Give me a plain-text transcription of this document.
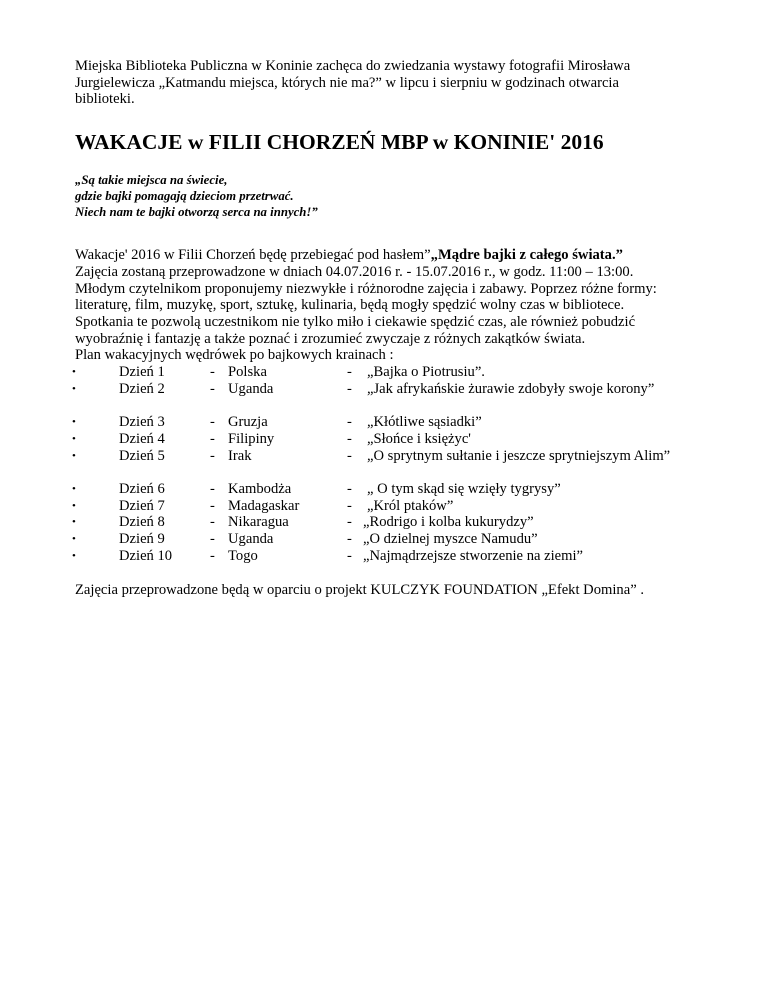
Miejska Biblioteka Publiczna w Koninie zachęca do zwiedzania wystawy fotografii Mirosława
Jurgielewicza „Katmandu miejsca, których nie ma?” w lipcu i sierpniu w godzinach otwarcia
biblioteki.
WAKACJE w FILII CHORZEŃ MBP w KONINIE' 2016
„Są takie miejsca na świecie,
gdzie bajki pomagają dzieciom przetrwać.
Niech nam te bajki otworzą serca na innych!”
Wakacje' 2016 w Filii Chorzeń będę przebiegać pod hasłem”„Mądre bajki z całego świata.”
Zajęcia zostaną przeprowadzone w dniach 04.07.2016 r. - 15.07.2016 r., w godz. 11:00 – 13:00.
Młodym czytelnikom proponujemy niezwykłe i różnorodne zajęcia i zabawy. Poprzez różne formy:
literaturę, film, muzykę, sport, sztukę, kulinaria, będą mogły spędzić wolny czas w bibliotece.
Spotkania te pozwolą uczestnikom nie tylko miło i ciekawie spędzić czas, ale również pobudzić
wyobraźnię i fantazję a także poznać i zrozumieć zwyczaje z różnych zakątków świata.
Plan wakacyjnych wędrówek po bajkowych krainach :
•	Dzień 1	- Polska	- „Bajka o Piotrusiu”.
•	Dzień 2	- Uganda	-	„Jak afrykańskie żurawie zdobyły swoje korony”
•	Dzień 3	- Gruzja	- „Kłótliwe sąsiadki”
•	Dzień 4	- Filipiny	- „Słońce i księżyc'
•	Dzień 5	- Irak	-	„O sprytnym sułtanie i jeszcze sprytniejszym Alim”
•	Dzień 6	- Kambodża	- „ O tym skąd się wzięły tygrysy”
•	Dzień 7	- Madagaskar	- „Król ptaków”
•	Dzień 8	- Nikaragua	- „Rodrigo i kolba kukurydzy”
•	Dzień 9	- Uganda	- „O dzielnej myszce Namudu”
•	Dzień 10	- Togo	- „Najmądrzejsze stworzenie na ziemi”
Zajęcia przeprowadzone będą w oparciu o projekt KULCZYK FOUNDATION „Efekt Domina” .
